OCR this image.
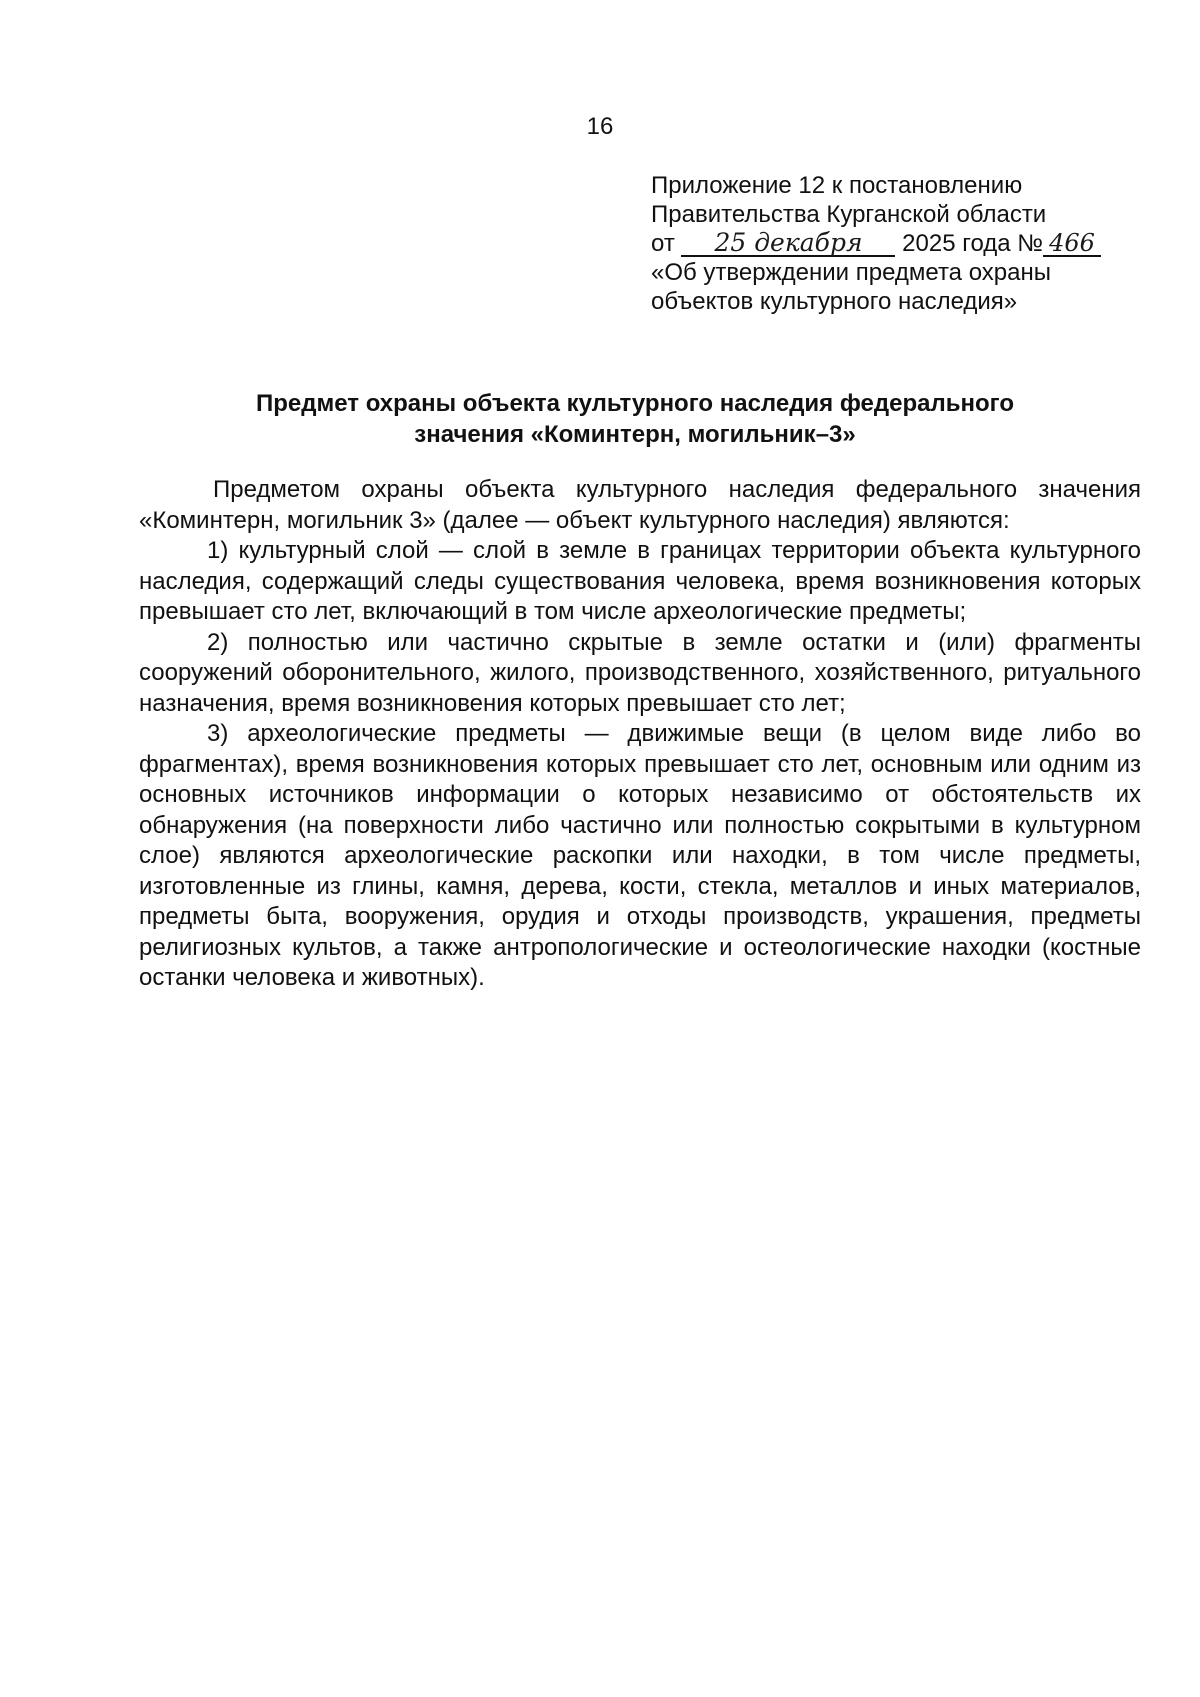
16
Приложение 12 к постановлению
Правительства Курганской области
от 25 декабря 2025 года № 466
«Об утверждении предмета охраны
объектов культурного наследия»
Предмет охраны объекта культурного наследия федерального
значения «Коминтерн, могильник–3»

Предметом охраны объекта культурного наследия федерального значения «Коминтерн, могильник 3» (далее — объект культурного наследия) являются:

1) культурный слой — слой в земле в границах территории объекта культурного наследия, содержащий следы существования человека, время возникновения которых превышает сто лет, включающий в том числе археологические предметы;

2) полностью или частично скрытые в земле остатки и (или) фрагменты сооружений оборонительного, жилого, производственного, хозяйственного, ритуального назначения, время возникновения которых превышает сто лет;

3) археологические предметы — движимые вещи (в целом виде либо во фрагментах), время возникновения которых превышает сто лет, основным или одним из основных источников информации о которых независимо от обстоятельств их обнаружения (на поверхности либо частично или полностью сокрытыми в культурном слое) являются археологические раскопки или находки, в том числе предметы, изготовленные из глины, камня, дерева, кости, стекла, металлов и иных материалов, предметы быта, вооружения, орудия и отходы производств, украшения, предметы религиозных культов, а также антропологические и остеологические находки (костные останки человека и животных).
